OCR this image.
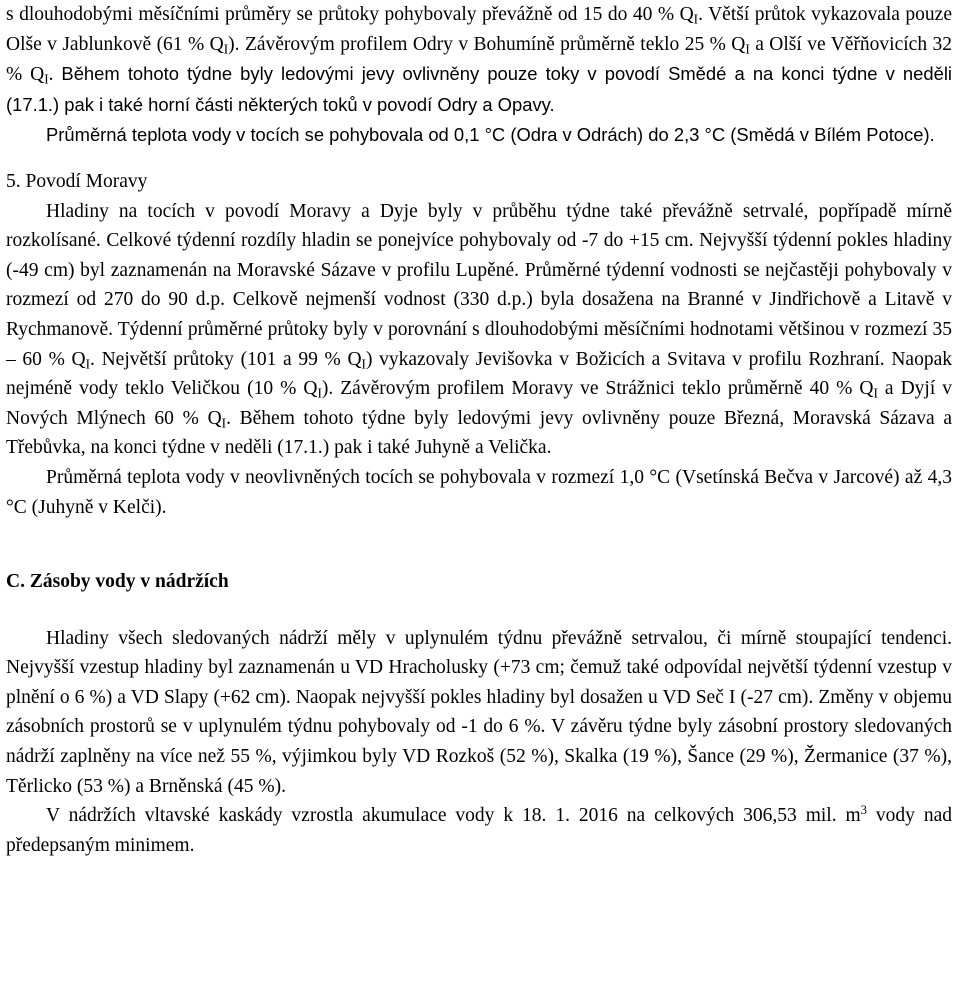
s dlouhodobými měsíčními průměry se průtoky pohybovaly převážně od 15 do 40 % $Q_I$. Větší průtok vykazovala pouze Olše v Jablunkově (61 % $Q_I$). Závěrovým profilem Odry v Bohumíně průměrně teklo 25 % $Q_I$ a Olší ve Věřňovicích 32 % $Q_I$. Během tohoto týdne byly ledovými jevy ovlivněny pouze toky v povodí Smědé a na konci týdne v neděli (17.1.) pak i také horní části některých toků v povodí Odry a Opavy.

Průměrná teplota vody v tocích se pohybovala od 0,1 °C (Odra v Odrách) do 2,3 °C (Smědá v Bílém Potoce).

5. Povodí Moravy

Hladiny na tocích v povodí Moravy a Dyje byly v průběhu týdne také převážně setrvalé, popřípadě mírně rozkolísané. Celkové týdenní rozdíly hladin se ponejvíce pohybovaly od -7 do +15 cm. Nejvyšší týdenní pokles hladiny (-49 cm) byl zaznamenán na Moravské Sázave v profilu Lupěné. Průměrné týdenní vodnosti se nejčastěji pohybovaly v rozmezí od 270 do 90 d.p. Celkově nejmenší vodnost (330 d.p.) byla dosažena na Branné v Jindřichově a Litavě v Rychmanově. Týdenní průměrné průtoky byly v porovnání s dlouhodobými měsíčními hodnotami většinou v rozmezí 35 – 60 % $Q_I$. Největší průtoky (101 a 99 % $Q_I$) vykazovaly Jevišovka v Božicích a Svitava v profilu Rozhraní. Naopak nejméně vody teklo Veličkou (10 % $Q_I$). Závěrovým profilem Moravy ve Strážnici teklo průměrně 40 % $Q_I$ a Dyjí v Nových Mlýnech 60 % $Q_I$. Během tohoto týdne byly ledovými jevy ovlivněny pouze Březná, Moravská Sázava a Třebůvka, na konci týdne v neděli (17.1.) pak i také Juhyně a Velička.

Průměrná teplota vody v neovlivněných tocích se pohybovala v rozmezí 1,0 °C (Vsetínská Bečva v Jarcové) až 4,3 °C (Juhyně v Kelči).

C. Zásoby vody v nádržích

Hladiny všech sledovaných nádrží měly v uplynulém týdnu převážně setrvalou, či mírně stoupající tendenci. Nejvyšší vzestup hladiny byl zaznamenán u VD Hracholusky (+73 cm; čemuž také odpovídal největší týdenní vzestup v plnění o 6 %) a VD Slapy (+62 cm). Naopak nejvyšší pokles hladiny byl dosažen u VD Seč I (-27 cm). Změny v objemu zásobních prostorů se v uplynulém týdnu pohybovaly od -1 do 6 %. V závěru týdne byly zásobní prostory sledovaných nádrží zaplněny na více než 55 %, výjimkou byly VD Rozkoš (52 %), Skalka (19 %), Šance (29 %), Žermanice (37 %), Těrlicko (53 %) a Brněnská (45 %).

V nádržích vltavské kaskády vzrostla akumulace vody k 18. 1. 2016 na celkových 306,53 mil. $m^3$ vody nad předepsaným minimem.
